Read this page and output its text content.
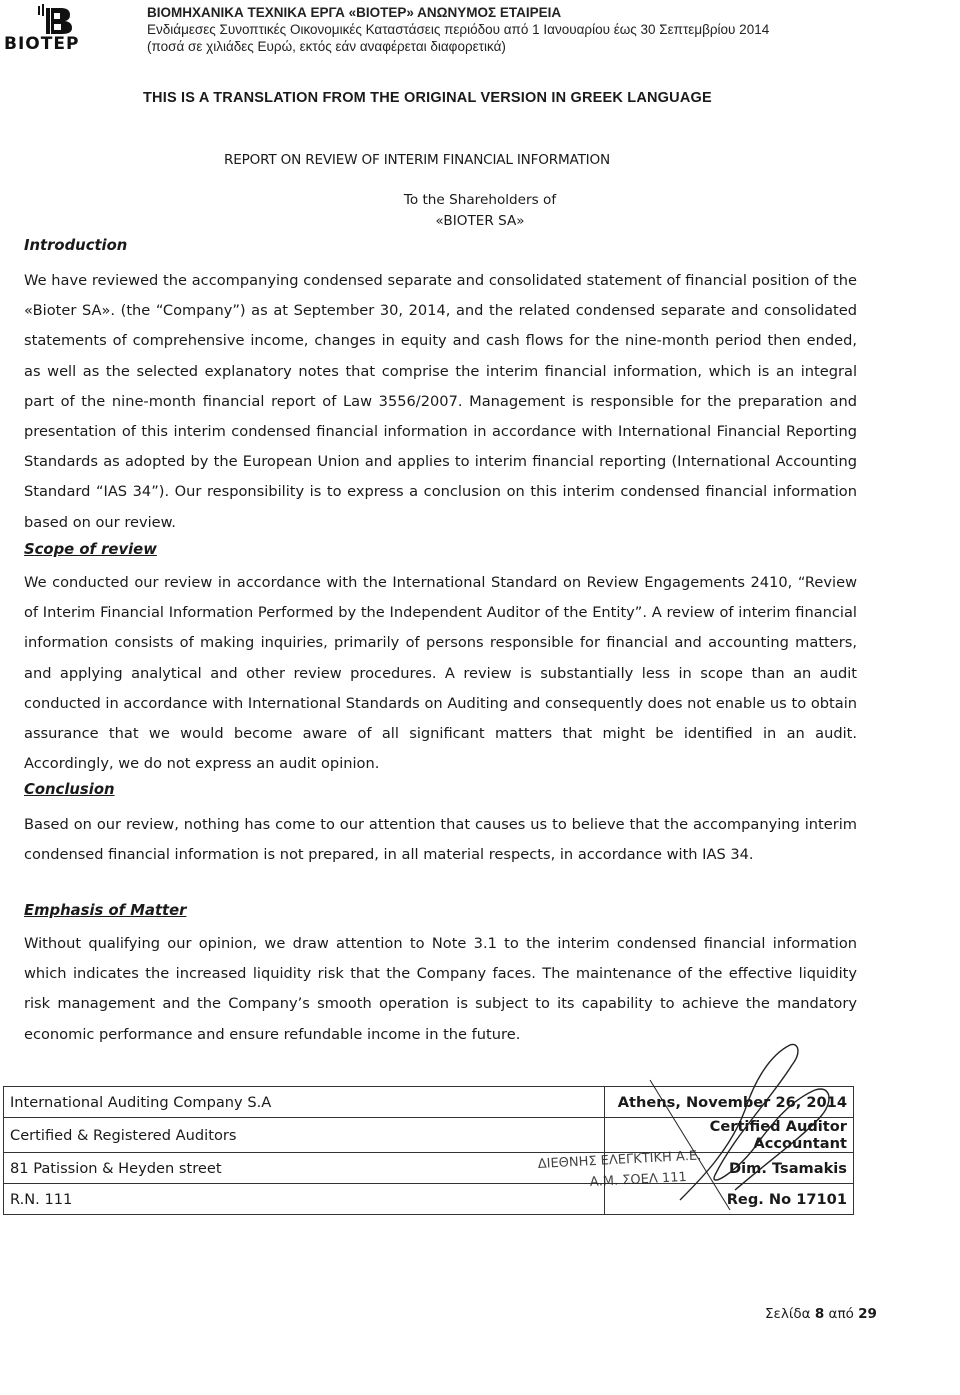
BIOTEP
ΒΙΟΜΗΧΑΝΙΚΑ ΤΕΧΝΙΚΑ ΕΡΓΑ «ΒΙΟΤΕΡ» ΑΝΩΝΥΜΟΣ ΕΤΑΙΡΕΙΑ
Ενδιάμεσες Συνοπτικές Οικονομικές Καταστάσεις περιόδου από 1 Ιανουαρίου έως 30 Σεπτεμβρίου 2014
(ποσά σε χιλιάδες Ευρώ, εκτός εάν αναφέρεται διαφορετικά)
THIS IS A TRANSLATION FROM THE ORIGINAL VERSION IN GREEK LANGUAGE
REPORT ON REVIEW OF INTERIM FINANCIAL INFORMATION
To the Shareholders of
«BIOTER SA»
Introduction
We have reviewed the accompanying condensed separate and consolidated statement of financial position of the «Bioter SA». (the “Company”) as at September 30, 2014, and the related condensed separate and consolidated statements of comprehensive income, changes in equity and cash flows for the nine-month period then ended, as well as the selected explanatory notes that comprise the interim financial information, which is an integral part of the nine-month financial report of Law 3556/2007. Management is responsible for the preparation and presentation of this interim condensed financial information in accordance with International Financial Reporting Standards as adopted by the European Union and applies to interim financial reporting (International Accounting Standard “IAS 34”). Our responsibility is to express a conclusion on this interim condensed financial information based on our review.
Scope of review
We conducted our review in accordance with the International Standard on Review Engagements 2410, “Review of Interim Financial Information Performed by the Independent Auditor of the Entity”. A review of interim financial information consists of making inquiries, primarily of persons responsible for financial and accounting matters, and applying analytical and other review procedures. A review is substantially less in scope than an audit conducted in accordance with International Standards on Auditing and consequently does not enable us to obtain assurance that we would become aware of all significant matters that might be identified in an audit. Accordingly, we do not express an audit opinion.
Conclusion
Based on our review, nothing has come to our attention that causes us to believe that the accompanying interim condensed financial information is not prepared, in all material respects, in accordance with IAS 34.
Emphasis of Matter
Without qualifying our opinion, we draw attention to Note 3.1 to the interim condensed financial information which indicates the increased liquidity risk that the Company faces. The maintenance of the effective liquidity risk management and the Company’s smooth operation is subject to its capability to achieve the mandatory economic performance and ensure refundable income in the future.
International Auditing Company S.A	Athens, November 26, 2014
Certified & Registered Auditors	Certified Auditor Accountant
81 Patission & Heyden street	Dim. Tsamakis
R.N. 111	Reg. No 17101
ΔΙΕΘΝΗΣ ΕΛΕΓΚΤΙΚΗ Α.Ε.
Α.Μ. ΣΟΕΛ 111
Σελίδα 8 από 29
